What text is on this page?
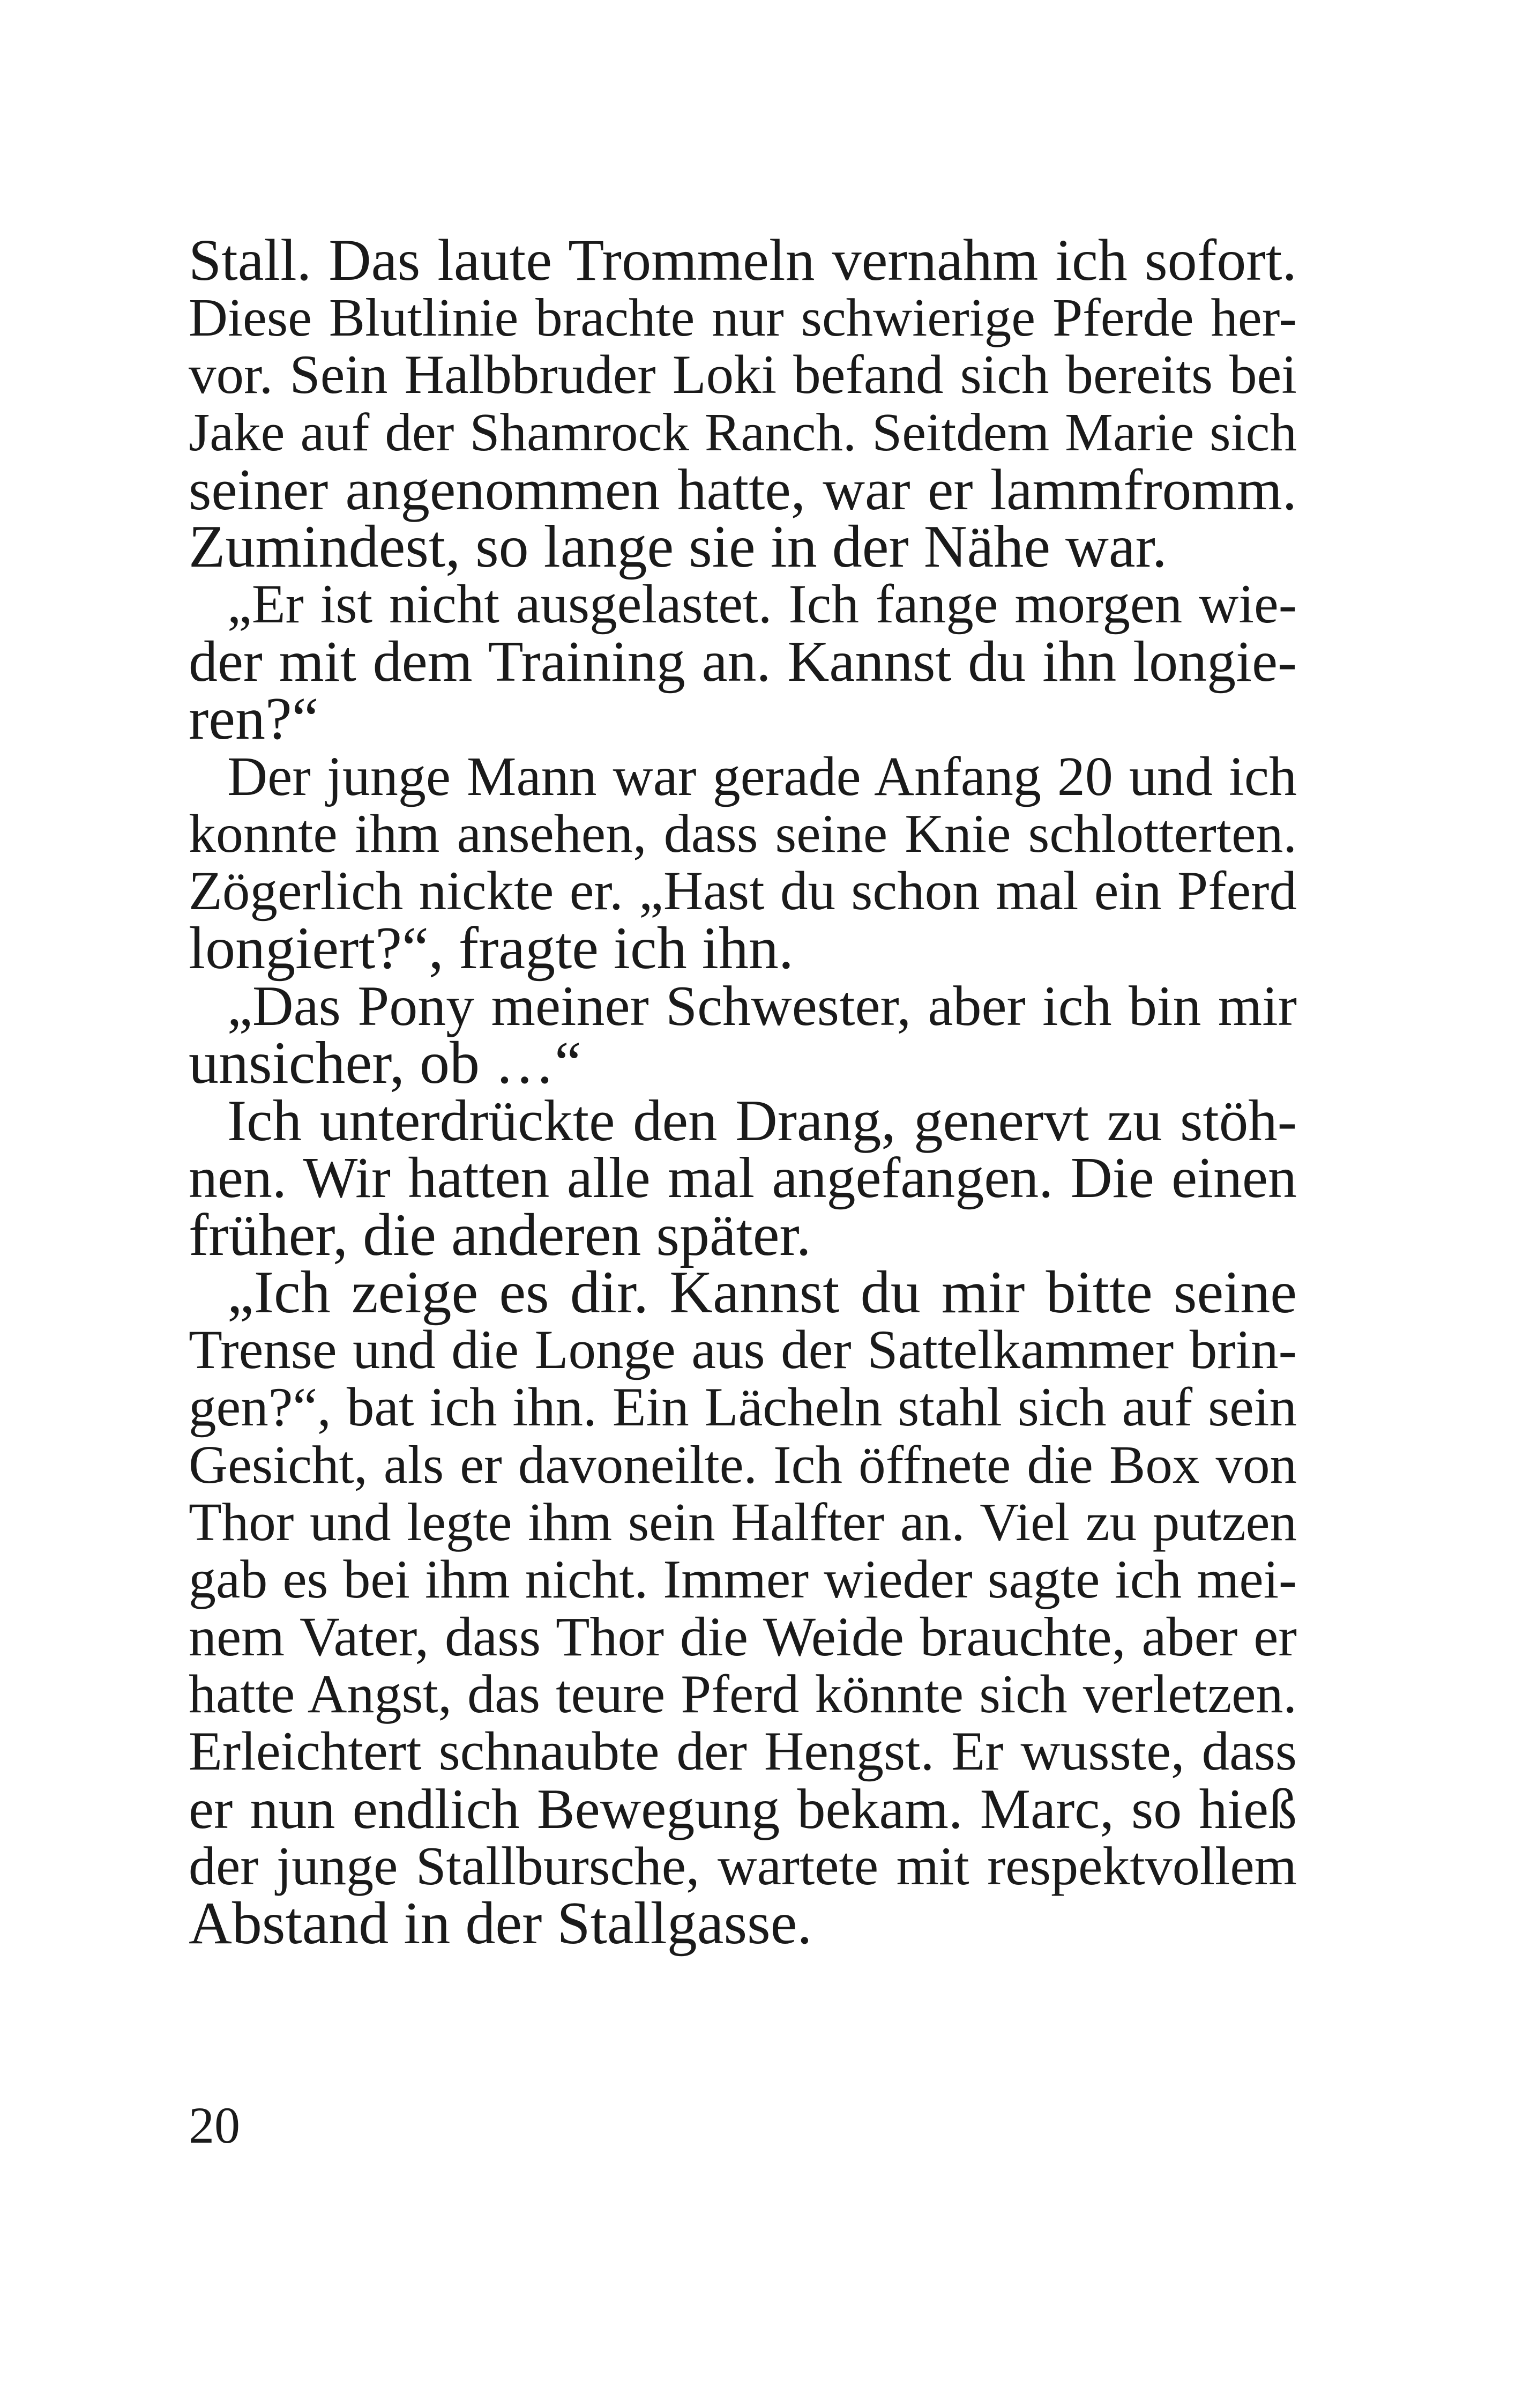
Stall. Das laute Trommeln vernahm ich sofort.
Diese Blutlinie brachte nur schwierige Pferde her-
vor. Sein Halbbruder Loki befand sich bereits bei
Jake auf der Shamrock Ranch. Seitdem Marie sich
seiner angenommen hatte, war er lammfromm.
Zumindest, so lange sie in der Nähe war.
„Er ist nicht ausgelastet. Ich fange morgen wie-
der mit dem Training an. Kannst du ihn longie-
ren?“
Der junge Mann war gerade Anfang 20 und ich
konnte ihm ansehen, dass seine Knie schlotterten.
Zögerlich nickte er. „Hast du schon mal ein Pferd
longiert?“, fragte ich ihn.
„Das Pony meiner Schwester, aber ich bin mir
unsicher, ob …“
Ich unterdrückte den Drang, genervt zu stöh-
nen. Wir hatten alle mal angefangen. Die einen
früher, die anderen später.
„Ich zeige es dir. Kannst du mir bitte seine
Trense und die Longe aus der Sattelkammer brin-
gen?“, bat ich ihn. Ein Lächeln stahl sich auf sein
Gesicht, als er davoneilte. Ich öffnete die Box von
Thor und legte ihm sein Halfter an. Viel zu putzen
gab es bei ihm nicht. Immer wieder sagte ich mei-
nem Vater, dass Thor die Weide brauchte, aber er
hatte Angst, das teure Pferd könnte sich verletzen.
Erleichtert schnaubte der Hengst. Er wusste, dass
er nun endlich Bewegung bekam. Marc, so hieß
der junge Stallbursche, wartete mit respektvollem
Abstand in der Stallgasse.
20
